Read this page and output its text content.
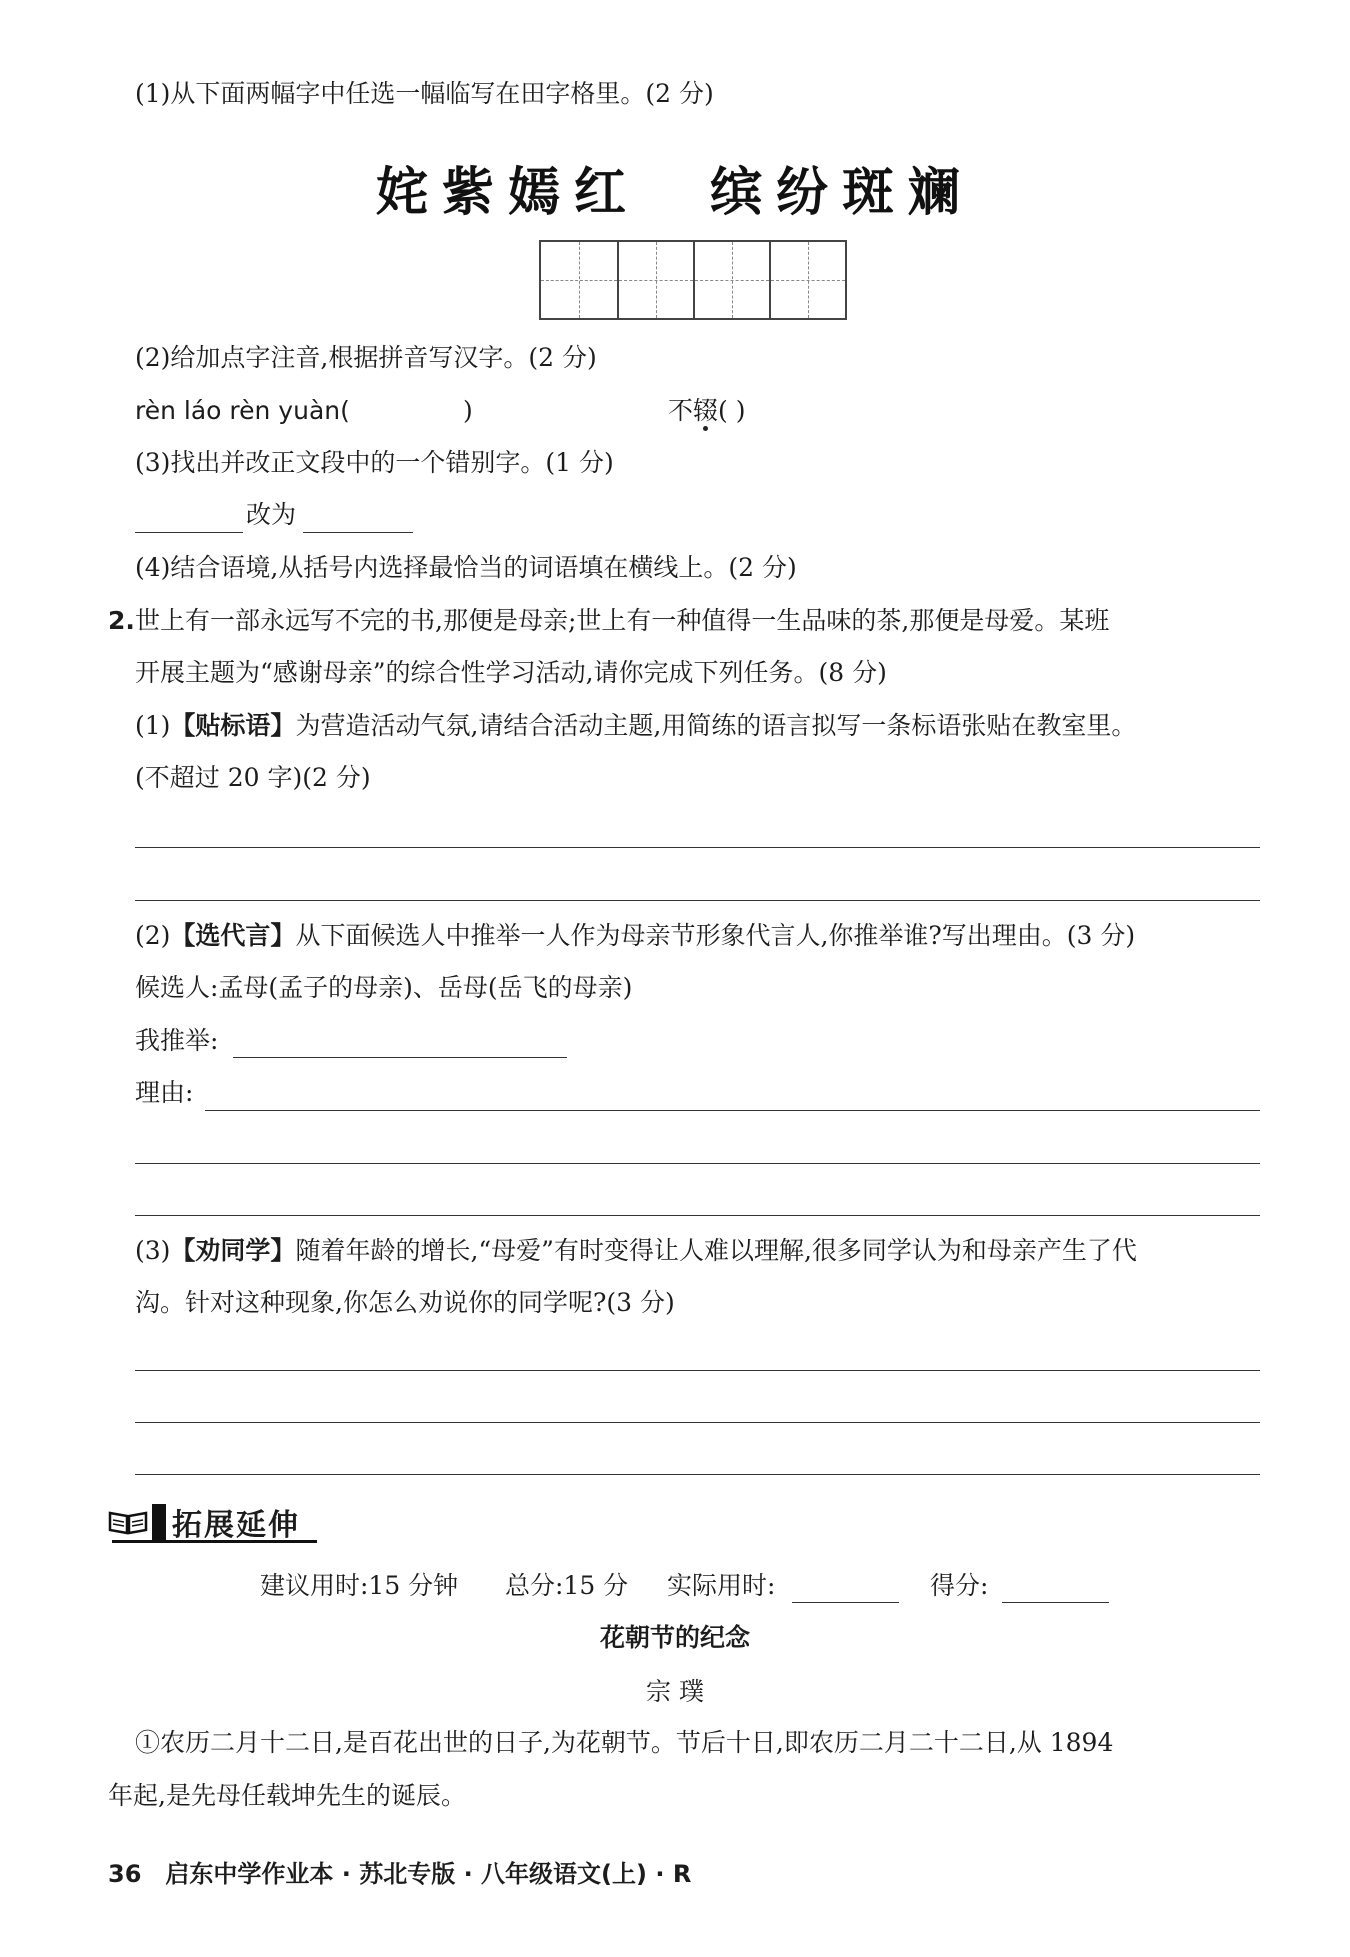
(1)从下面两幅字中任选一幅临写在田字格里。(2 分)
姹紫嫣红 缤纷斑斓
(2)给加点字注音,根据拼音写汉字。(2 分)
rèn láo rèn yuàn(	)	不辍( )
(3)找出并改正文段中的一个错别字。(1 分)
改为
(4)结合语境,从括号内选择最恰当的词语填在横线上。(2 分)
2. 世上有一部永远写不完的书,那便是母亲;世上有一种值得一生品味的茶,那便是母爱。某班
开展主题为“感谢母亲”的综合性学习活动,请你完成下列任务。(8 分)
(1)【贴标语】为营造活动气氛,请结合活动主题,用简练的语言拟写一条标语张贴在教室里。
(不超过 20 字)(2 分)
(2)【选代言】从下面候选人中推举一人作为母亲节形象代言人,你推举谁?写出理由。(3 分)
候选人:孟母(孟子的母亲)、岳母(岳飞的母亲)
我推举:
理由:
(3)【劝同学】随着年龄的增长,“母爱”有时变得让人难以理解,很多同学认为和母亲产生了代
沟。针对这种现象,你怎么劝说你的同学呢?(3 分)
拓展延伸
建议用时:15 分钟 总分:15 分 实际用时:	得分:
花朝节的纪念
宗 璞
①农历二月十二日,是百花出世的日子,为花朝节。节后十日,即农历二月二十二日,从 1894
年起,是先母任载坤先生的诞辰。
36 启东中学作业本 · 苏北专版 · 八年级语文(上) · R
